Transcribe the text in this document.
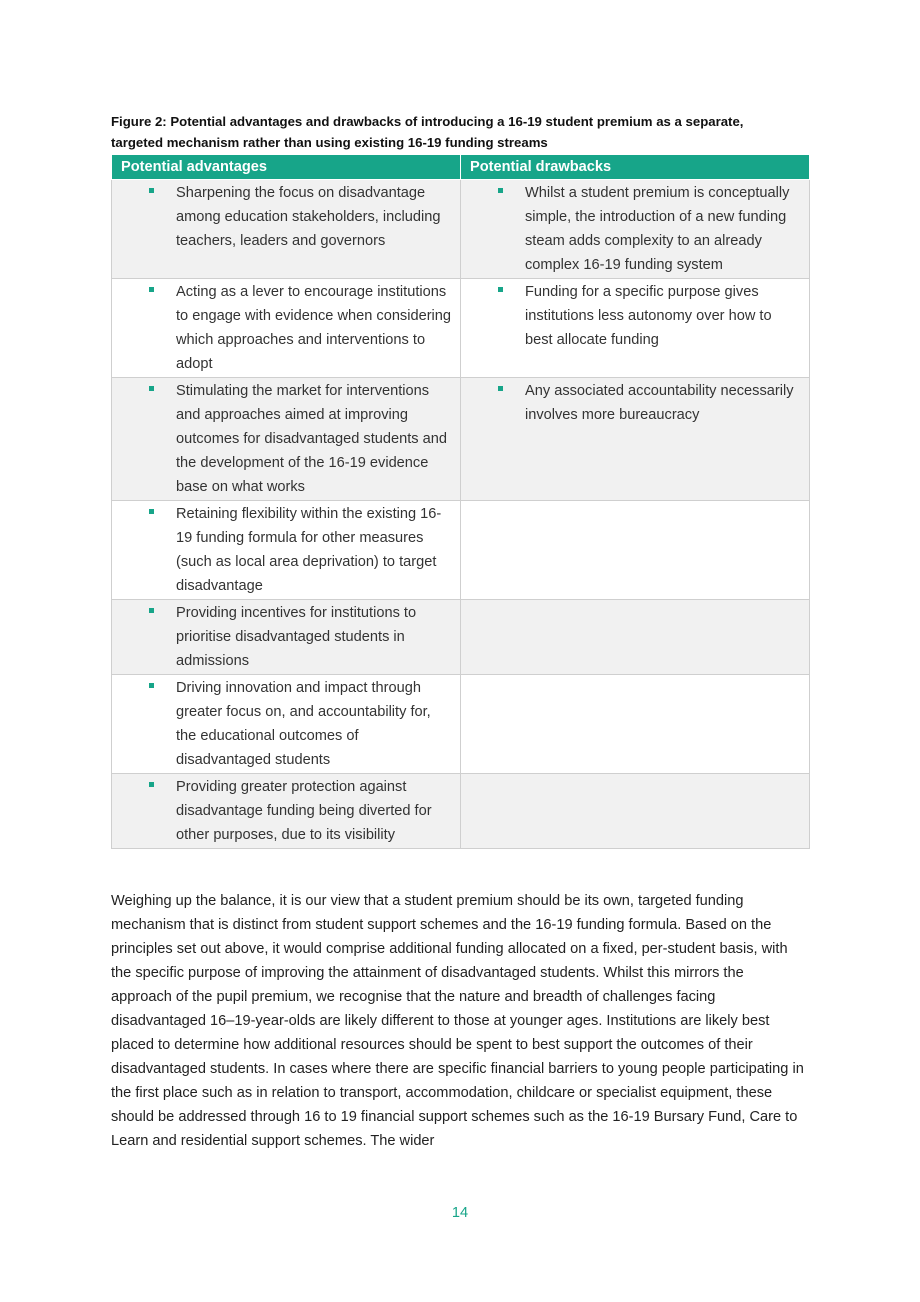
Figure 2: Potential advantages and drawbacks of introducing a 16-19 student premium as a separate,
targeted mechanism rather than using existing 16-19 funding streams
Potential advantages	Potential drawbacks

Sharpening the focus on disadvantage among education stakeholders, including teachers, leaders and governors	Whilst a student premium is conceptually simple, the introduction of a new funding steam adds complexity to an already complex 16-19 funding system

Acting as a lever to encourage institutions to engage with evidence when considering which approaches and interventions to adopt	Funding for a specific purpose gives institutions less autonomy over how to best allocate funding

Stimulating the market for interventions and approaches aimed at improving outcomes for disadvantaged students and the development of the 16-19 evidence base on what works	Any associated accountability necessarily involves more bureaucracy

Retaining flexibility within the existing 16-19 funding formula for other measures (such as local area deprivation) to target disadvantage	

Providing incentives for institutions to prioritise disadvantaged students in admissions	

Driving innovation and impact through greater focus on, and accountability for, the educational outcomes of disadvantaged students	

Providing greater protection against disadvantage funding being diverted for other purposes, due to its visibility	

Weighing up the balance, it is our view that a student premium should be its own, targeted funding mechanism that is distinct from student support schemes and the 16-19 funding formula. Based on the principles set out above, it would comprise additional funding allocated on a fixed, per-student basis, with the specific purpose of improving the attainment of disadvantaged students. Whilst this mirrors the approach of the pupil premium, we recognise that the nature and breadth of challenges facing disadvantaged 16–19-year-olds are likely different to those at younger ages. Institutions are likely best placed to determine how additional resources should be spent to best support the outcomes of their disadvantaged students. In cases where there are specific financial barriers to young people participating in the first place such as in relation to transport, accommodation, childcare or specialist equipment, these should be addressed through 16 to 19 financial support schemes such as the 16-19 Bursary Fund, Care to Learn and residential support schemes. The wider

14
